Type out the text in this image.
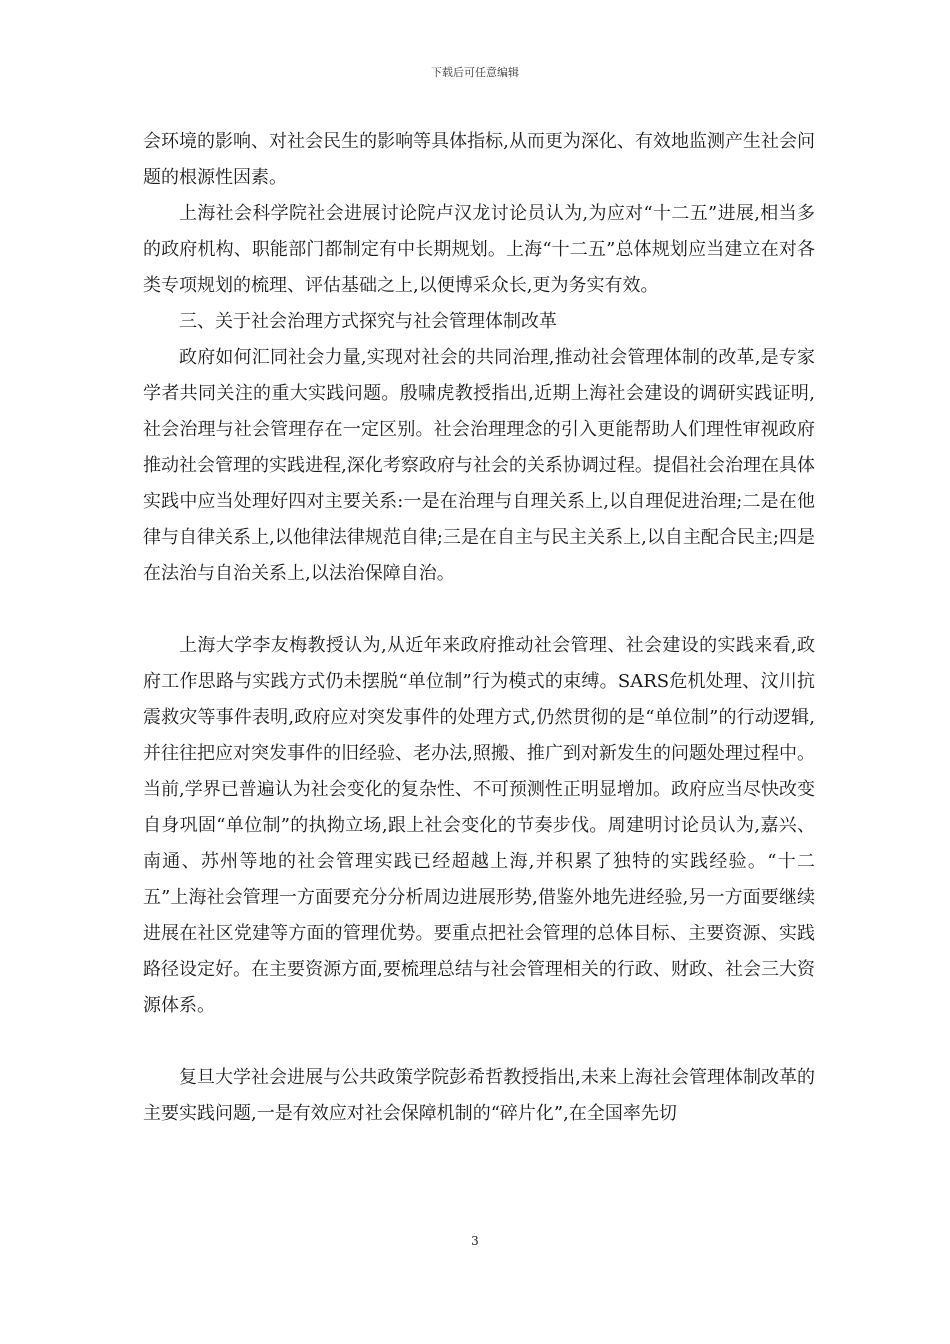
下载后可任意编辑

会环境的影响、对社会民生的影响等具体指标,从而更为深化、有效地监测产生社会问题的根源性因素。

上海社会科学院社会进展讨论院卢汉龙讨论员认为,为应对“十二五”进展,相当多的政府机构、职能部门都制定有中长期规划。上海“十二五”总体规划应当建立在对各类专项规划的梳理、评估基础之上,以便博采众长,更为务实有效。

三、关于社会治理方式探究与社会管理体制改革

政府如何汇同社会力量,实现对社会的共同治理,推动社会管理体制的改革,是专家学者共同关注的重大实践问题。殷啸虎教授指出,近期上海社会建设的调研实践证明,社会治理与社会管理存在一定区别。社会治理理念的引入更能帮助人们理性审视政府推动社会管理的实践进程,深化考察政府与社会的关系协调过程。提倡社会治理在具体实践中应当处理好四对主要关系:一是在治理与自理关系上,以自理促进治理;二是在他律与自律关系上,以他律法律规范自律;三是在自主与民主关系上,以自主配合民主;四是在法治与自治关系上,以法治保障自治。

上海大学李友梅教授认为,从近年来政府推动社会管理、社会建设的实践来看,政府工作思路与实践方式仍未摆脱“单位制”行为模式的束缚。SARS危机处理、汶川抗震救灾等事件表明,政府应对突发事件的处理方式,仍然贯彻的是“单位制”的行动逻辑,并往往把应对突发事件的旧经验、老办法,照搬、推广到对新发生的问题处理过程中。当前,学界已普遍认为社会变化的复杂性、不可预测性正明显增加。政府应当尽快改变自身巩固“单位制”的执拗立场,跟上社会变化的节奏步伐。周建明讨论员认为,嘉兴、南通、苏州等地的社会管理实践已经超越上海,并积累了独特的实践经验。“十二五”上海社会管理一方面要充分分析周边进展形势,借鉴外地先进经验,另一方面要继续进展在社区党建等方面的管理优势。要重点把社会管理的总体目标、主要资源、实践路径设定好。在主要资源方面,要梳理总结与社会管理相关的行政、财政、社会三大资源体系。

复旦大学社会进展与公共政策学院彭希哲教授指出,未来上海社会管理体制改革的主要实践问题,一是有效应对社会保障机制的“碎片化”,在全国率先切

3
